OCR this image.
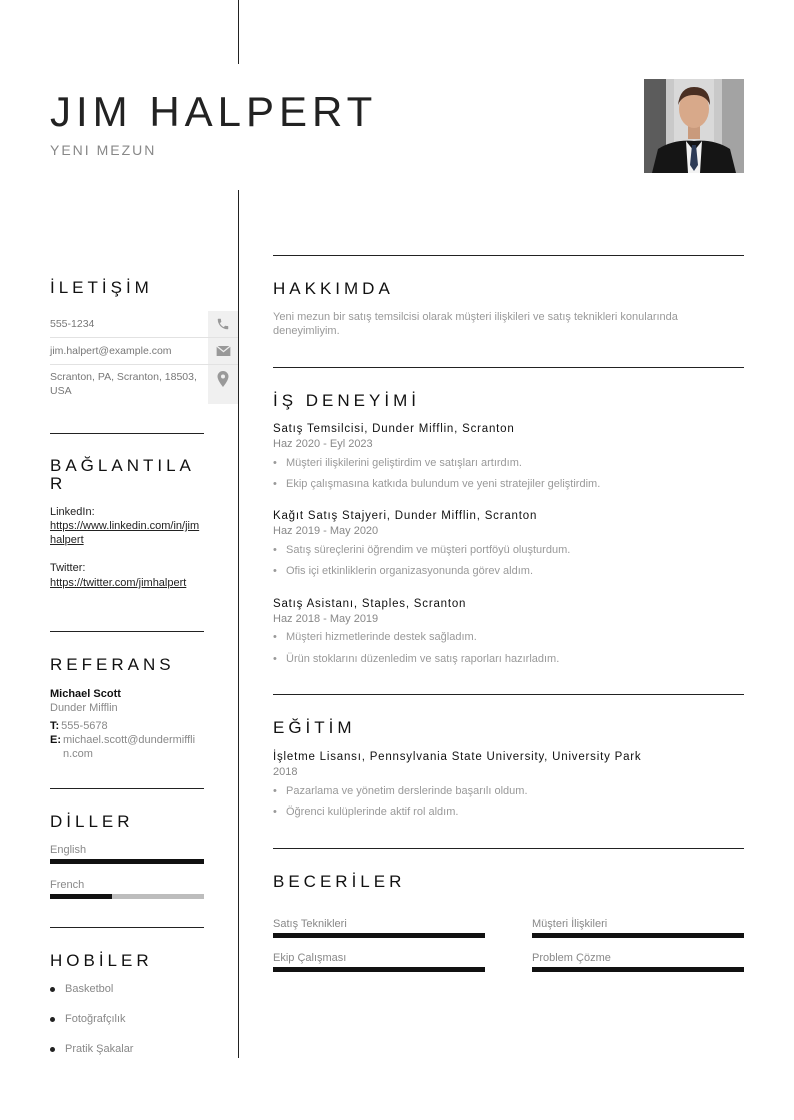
JIM HALPERT
YENI MEZUN
İLETİŞİM
555-1234
jim.halpert@example.com
Scranton, PA, Scranton, 18503, USA
BAĞLANTILA R
LinkedIn:
https://www.linkedin.com/in/jimhalpert
Twitter:
https://twitter.com/jimhalpert
REFERANS
Michael Scott
Dunder Mifflin
T: 555-5678
E: michael.scott@dundermifflin.com
DİLLER
English
French
HOBİLER
Basketbol
Fotoğrafçılık
Pratik Şakalar
HAKKIMDA
Yeni mezun bir satış temsilcisi olarak müşteri ilişkileri ve satış teknikleri konularında deneyimliyim.
İŞ DENEYİMİ
Satış Temsilcisi, Dunder Mifflin, Scranton
Haz 2020 - Eyl 2023
• Müşteri ilişkilerini geliştirdim ve satışları artırdım.
• Ekip çalışmasına katkıda bulundum ve yeni stratejiler geliştirdim.
Kağıt Satış Stajyeri, Dunder Mifflin, Scranton
Haz 2019 - May 2020
• Satış süreçlerini öğrendim ve müşteri portföyü oluşturdum.
• Ofis içi etkinliklerin organizasyonunda görev aldım.
Satış Asistanı, Staples, Scranton
Haz 2018 - May 2019
• Müşteri hizmetlerinde destek sağladım.
• Ürün stoklarını düzenledim ve satış raporları hazırladım.
EĞİTİM
İşletme Lisansı, Pennsylvania State University, University Park
2018
• Pazarlama ve yönetim derslerinde başarılı oldum.
• Öğrenci kulüplerinde aktif rol aldım.
BECERİLER
Satış Teknikleri	Müşteri İlişkileri
Ekip Çalışması	Problem Çözme
